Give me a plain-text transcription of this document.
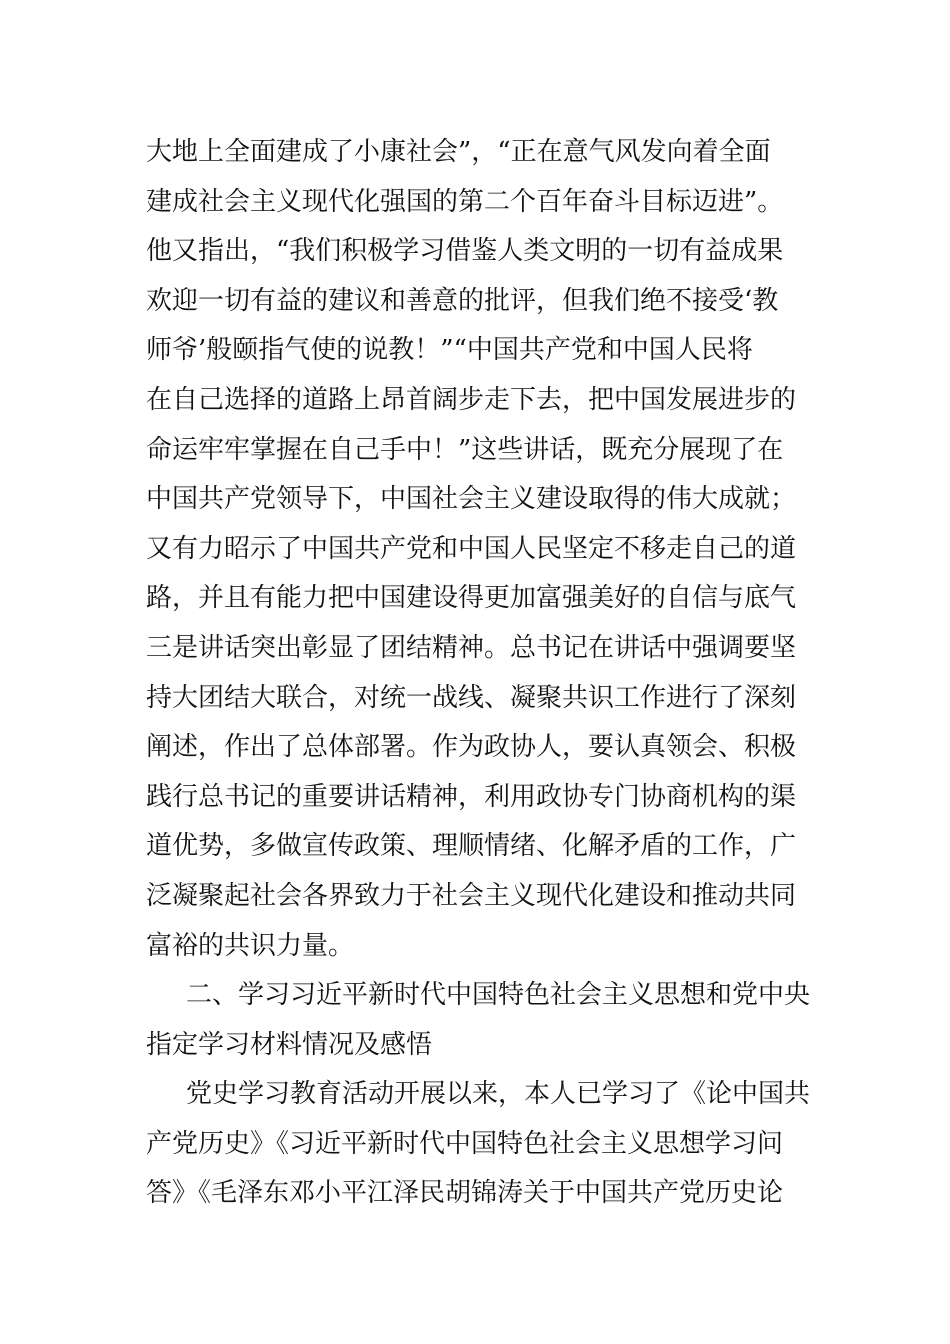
大地上全面建成了小康社会”，“正在意气风发向着全面
建成社会主义现代化强国的第二个百年奋斗目标迈进”。
他又指出，“我们积极学习借鉴人类文明的一切有益成果
欢迎一切有益的建议和善意的批评，但我们绝不接受‘教
师爷’般颐指气使的说教！”“中国共产党和中国人民将
在自己选择的道路上昂首阔步走下去，把中国发展进步的
命运牢牢掌握在自己手中！”这些讲话，既充分展现了在
中国共产党领导下，中国社会主义建设取得的伟大成就；
又有力昭示了中国共产党和中国人民坚定不移走自己的道
路，并且有能力把中国建设得更加富强美好的自信与底气
三是讲话突出彰显了团结精神。总书记在讲话中强调要坚
持大团结大联合，对统一战线、凝聚共识工作进行了深刻
阐述，作出了总体部署。作为政协人，要认真领会、积极
践行总书记的重要讲话精神，利用政协专门协商机构的渠
道优势，多做宣传政策、理顺情绪、化解矛盾的工作，广
泛凝聚起社会各界致力于社会主义现代化建设和推动共同
富裕的共识力量。
二、学习习近平新时代中国特色社会主义思想和党中央
指定学习材料情况及感悟
党史学习教育活动开展以来，本人已学习了《论中国共
产党历史》《习近平新时代中国特色社会主义思想学习问
答》《毛泽东邓小平江泽民胡锦涛关于中国共产党历史论
